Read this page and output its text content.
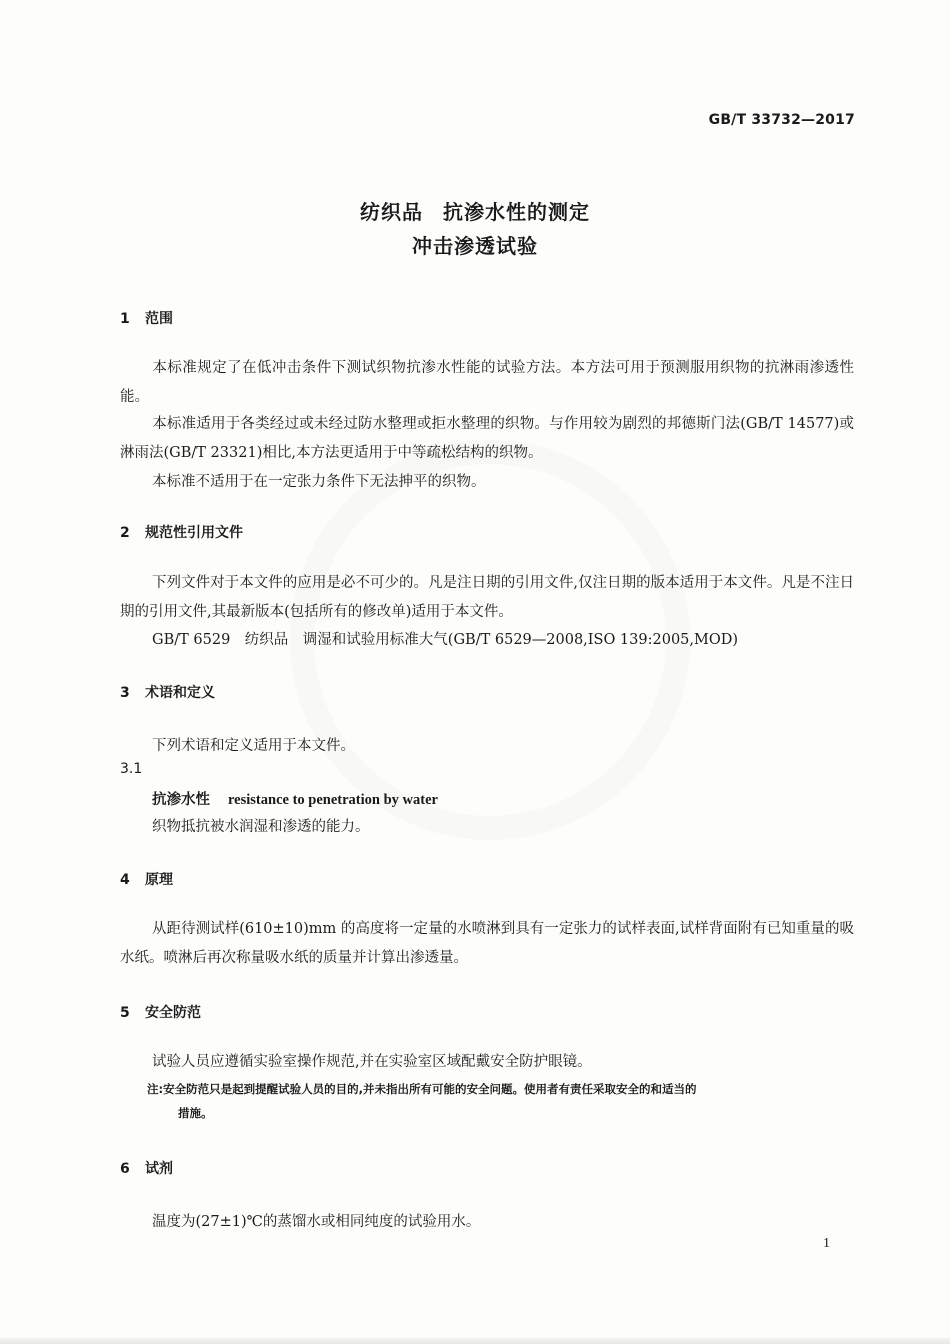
GB/T 33732—2017
纺织品 抗渗水性的测定
冲击渗透试验
1 范围
本标准规定了在低冲击条件下测试织物抗渗水性能的试验方法。本方法可用于预测服用织物的抗淋雨渗透性能。
本标准适用于各类经过或未经过防水整理或拒水整理的织物。与作用较为剧烈的邦德斯门法(GB/T 14577)或淋雨法(GB/T 23321)相比,本方法更适用于中等疏松结构的织物。
本标准不适用于在一定张力条件下无法抻平的织物。
2 规范性引用文件
下列文件对于本文件的应用是必不可少的。凡是注日期的引用文件,仅注日期的版本适用于本文件。凡是不注日期的引用文件,其最新版本(包括所有的修改单)适用于本文件。
GB/T 6529　纺织品　调湿和试验用标准大气(GB/T 6529—2008,ISO 139:2005,MOD)
3 术语和定义
下列术语和定义适用于本文件。
3.1
抗渗水性 resistance to penetration by water
织物抵抗被水润湿和渗透的能力。
4 原理
从距待测试样(610±10)mm 的高度将一定量的水喷淋到具有一定张力的试样表面,试样背面附有已知重量的吸水纸。喷淋后再次称量吸水纸的质量并计算出渗透量。
5 安全防范
试验人员应遵循实验室操作规范,并在实验室区域配戴安全防护眼镜。
注:安全防范只是起到提醒试验人员的目的,并未指出所有可能的安全问题。使用者有责任采取安全的和适当的
措施。
6 试剂
温度为(27±1)℃的蒸馏水或相同纯度的试验用水。
1
